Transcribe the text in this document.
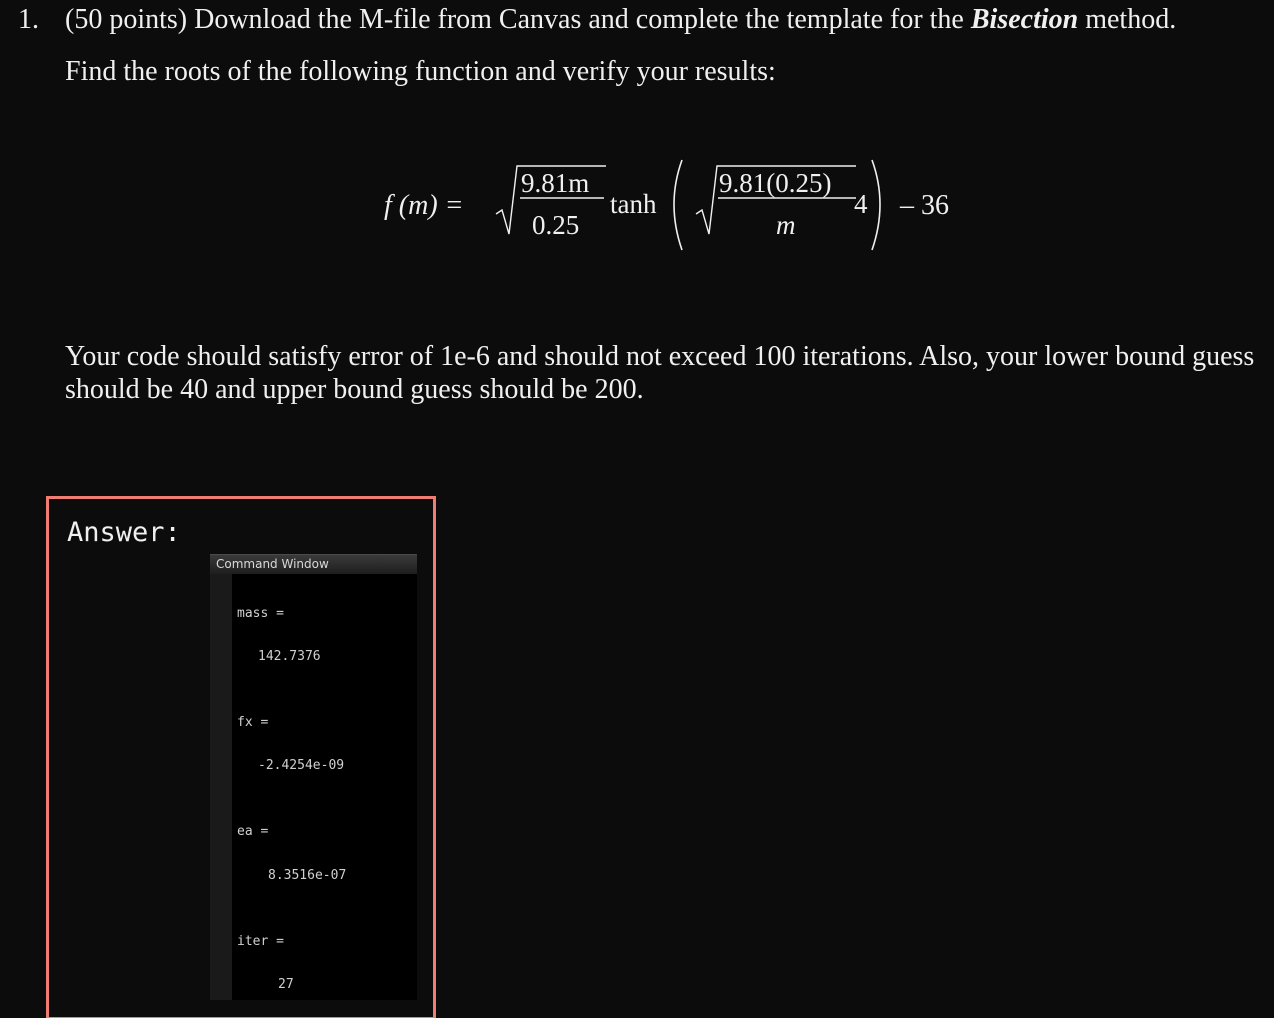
1. (50 points) Download the M-file from Canvas and complete the template for the Bisection method.
Find the roots of the following function and verify your results:
f (m) =
9.81m
0.25
tanh
9.81(0.25)
m
4 – 36
Your code should satisfy error of 1e-6 and should not exceed 100 iterations. Also, your lower bound guess should be 40 and upper bound guess should be 200.
Answer:
Command Window
mass =
142.7376
fx =
-2.4254e-09
ea =
8.3516e-07
iter =
27
